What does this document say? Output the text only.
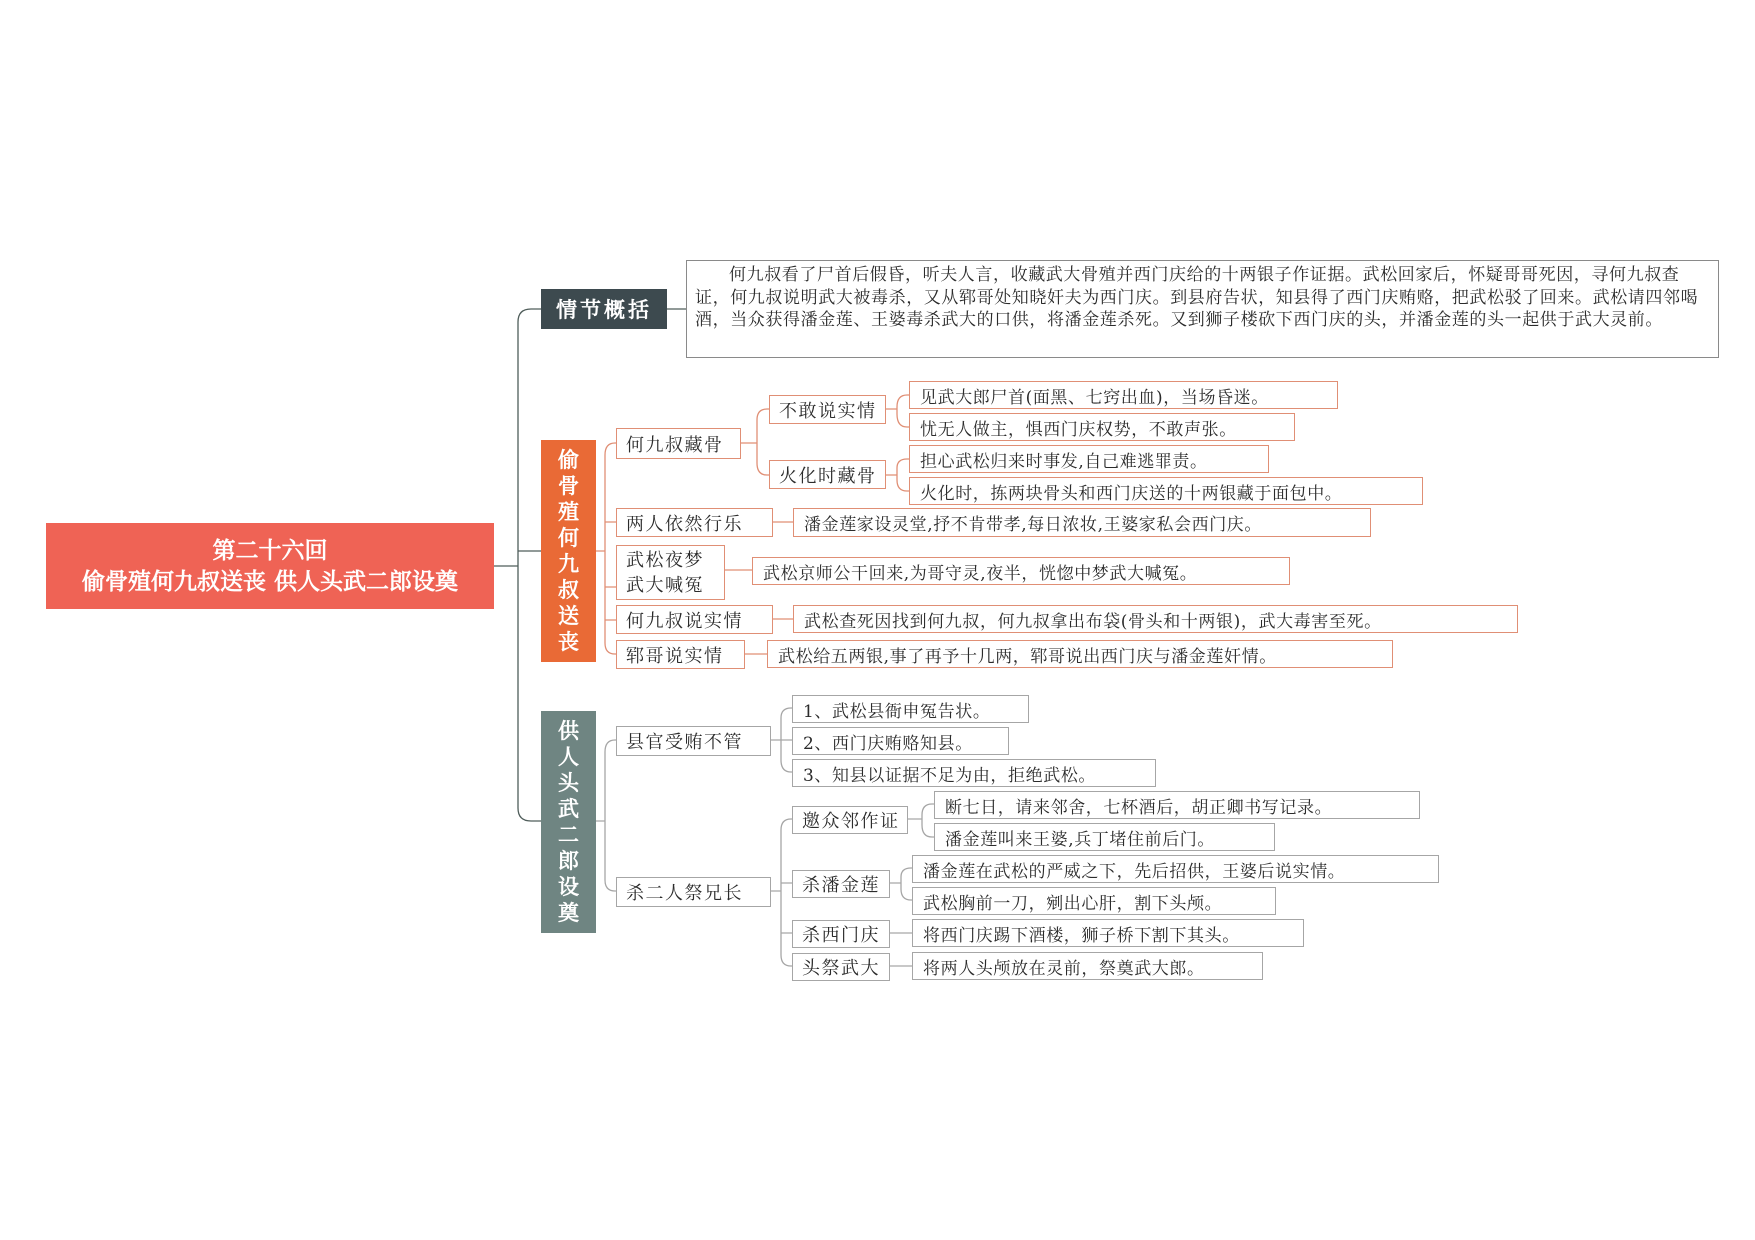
第二十六回
偷骨殖何九叔送丧 供人头武二郎设奠
情节概括
何九叔看了尸首后假昏，听夫人言，收藏武大骨殖并西门庆给的十两银子作证据。武松回家后，怀疑哥哥死因，寻何九叔查证，何九叔说明武大被毒杀，又从郓哥处知晓奸夫为西门庆。到县府告状，知县得了西门庆贿赂，把武松驳了回来。武松请四邻喝酒，当众获得潘金莲、王婆毒杀武大的口供，将潘金莲杀死。又到狮子楼砍下西门庆的头，并潘金莲的头一起供于武大灵前。
偷
骨
殖
何
九
叔
送
丧
何九叔藏骨
不敢说实情
见武大郎尸首(面黑、七窍出血)，当场昏迷。
忧无人做主，惧西门庆权势，不敢声张。
火化时藏骨
担心武松归来时事发,自己难逃罪责。
火化时，拣两块骨头和西门庆送的十两银藏于面包中。
两人依然行乐	潘金莲家设灵堂,抒不肯带孝,每日浓妆,王婆家私会西门庆。
武松夜梦
武大喊冤
武松京师公干回来,为哥守灵,夜半，恍惚中梦武大喊冤。
何九叔说实情	武松查死因找到何九叔，何九叔拿出布袋(骨头和十两银)，武大毒害至死。
郓哥说实情	武松给五两银,事了再予十几两，郓哥说出西门庆与潘金莲奸情。
供
人
头
武
二
郎
设
奠
县官受贿不管
1、武松县衙申冤告状。
2、西门庆贿赂知县。
3、知县以证据不足为由，拒绝武松。
杀二人祭兄长
邀众邻作证
断七日，请来邻舍，七杯酒后，胡正卿书写记录。
潘金莲叫来王婆,兵丁堵住前后门。
杀潘金莲
潘金莲在武松的严威之下，先后招供，王婆后说实情。
武松胸前一刀，剜出心肝，割下头颅。
杀西门庆	将西门庆踢下酒楼，狮子桥下割下其头。
头祭武大	将两人头颅放在灵前，祭奠武大郎。
